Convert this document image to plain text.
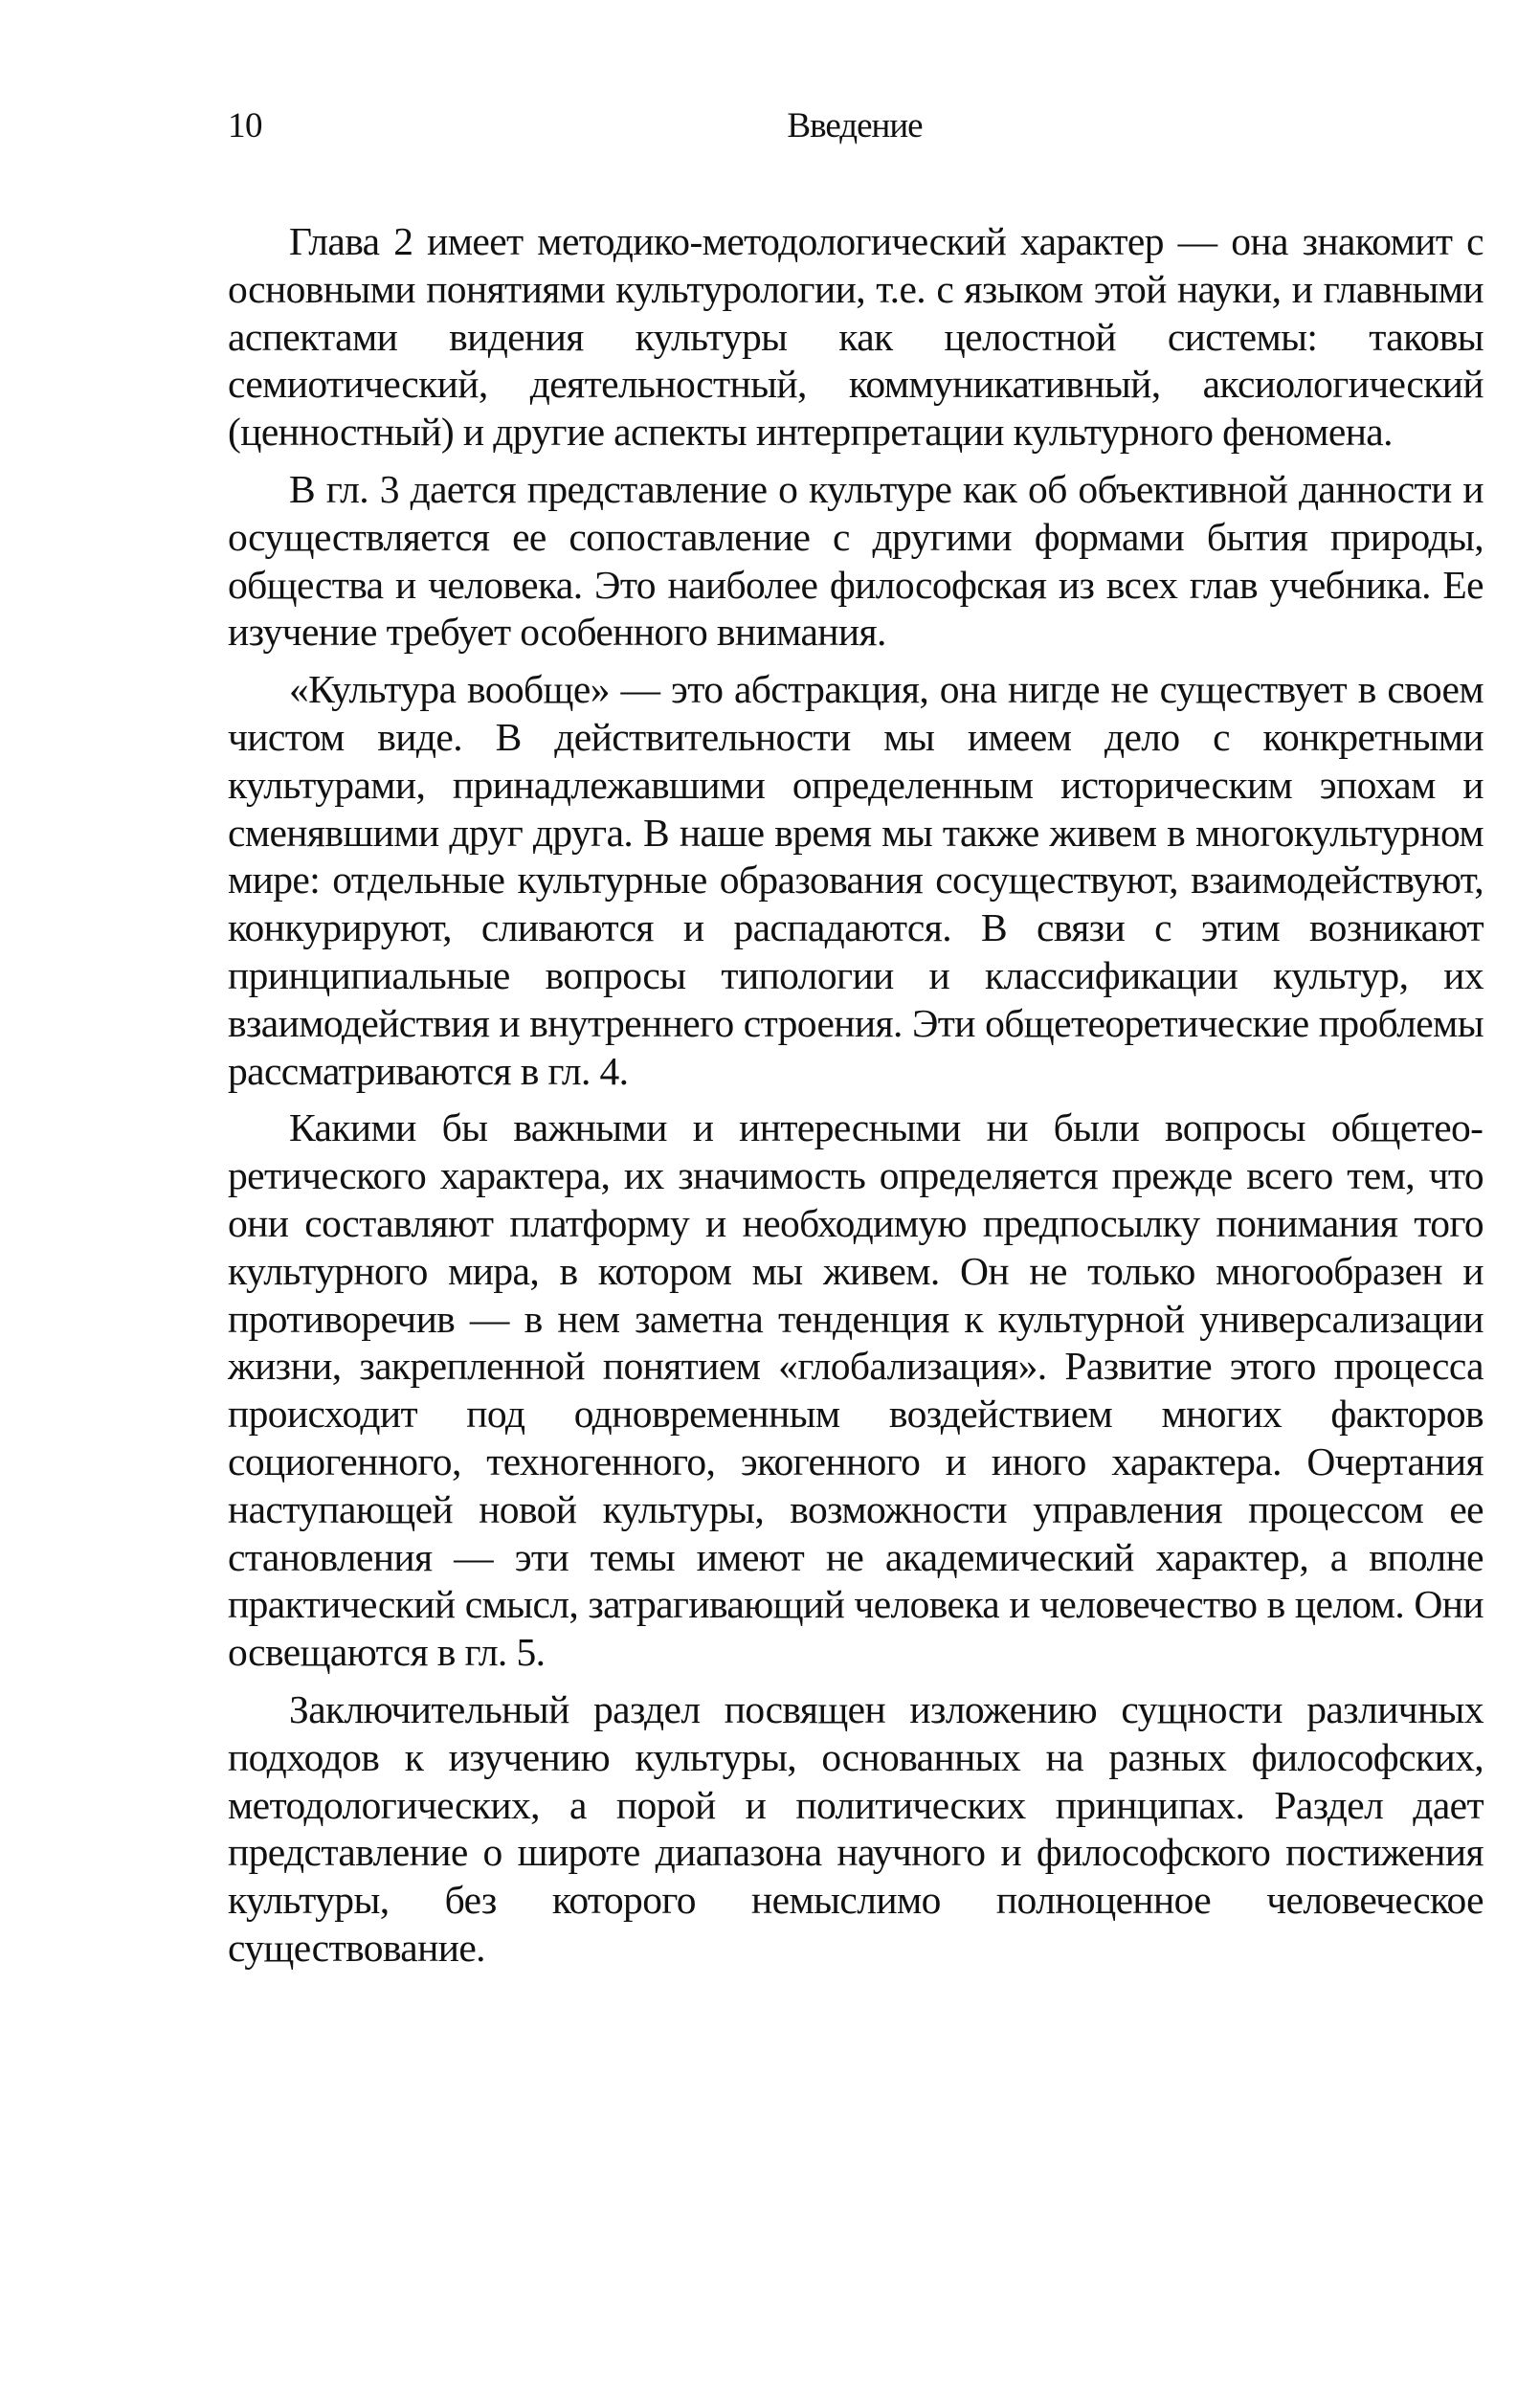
10	Введение

Глава 2 имеет методико-методологический характер — она знакомит с основными понятиями культурологии, т.е. с языком этой науки, и главными аспектами видения культуры как целостной системы: таковы семиотический, деятельностный, коммуникативный, аксиологический (ценностный) и другие аспекты интерпретации культурного феномена.

В гл. 3 дается представление о культуре как об объективной данности и осуществляется ее сопоставление с другими формами бытия природы, общества и человека. Это наиболее философская из всех глав учебника. Ее изучение требует особенного внимания.

«Культура вообще» — это абстракция, она нигде не существует в своем чистом виде. В действительности мы имеем дело с конкретными культурами, принадлежавшими определенным историческим эпохам и сменявшими друг друга. В наше время мы также живем в многокультурном мире: отдельные культурные образования сосуществуют, взаимодействуют, конкурируют, сливаются и распадаются. В связи с этим возникают принципиальные вопросы типологии и классификации культур, их взаимодействия и внутреннего строения. Эти общетеоретические проблемы рассматриваются в гл. 4.

Какими бы важными и интересными ни были вопросы общетеоретического характера, их значимость определяется прежде всего тем, что они составляют платформу и необходимую предпосылку понимания того культурного мира, в котором мы живем. Он не только многообразен и противоречив — в нем заметна тенденция к культурной универсализации жизни, закрепленной понятием «глобализация». Развитие этого процесса происходит под одновременным воздействием многих факторов социогенного, техногенного, экогенного и иного характера. Очертания наступающей новой культуры, возможности управления процессом ее становления — эти темы имеют не академический характер, а вполне практический смысл, затрагивающий человека и человечество в целом. Они освещаются в гл. 5.

Заключительный раздел посвящен изложению сущности различных подходов к изучению культуры, основанных на разных философских, методологических, а порой и политических принципах. Раздел дает представление о широте диапазона научного и философского постижения культуры, без которого немыслимо полноценное человеческое существование.
